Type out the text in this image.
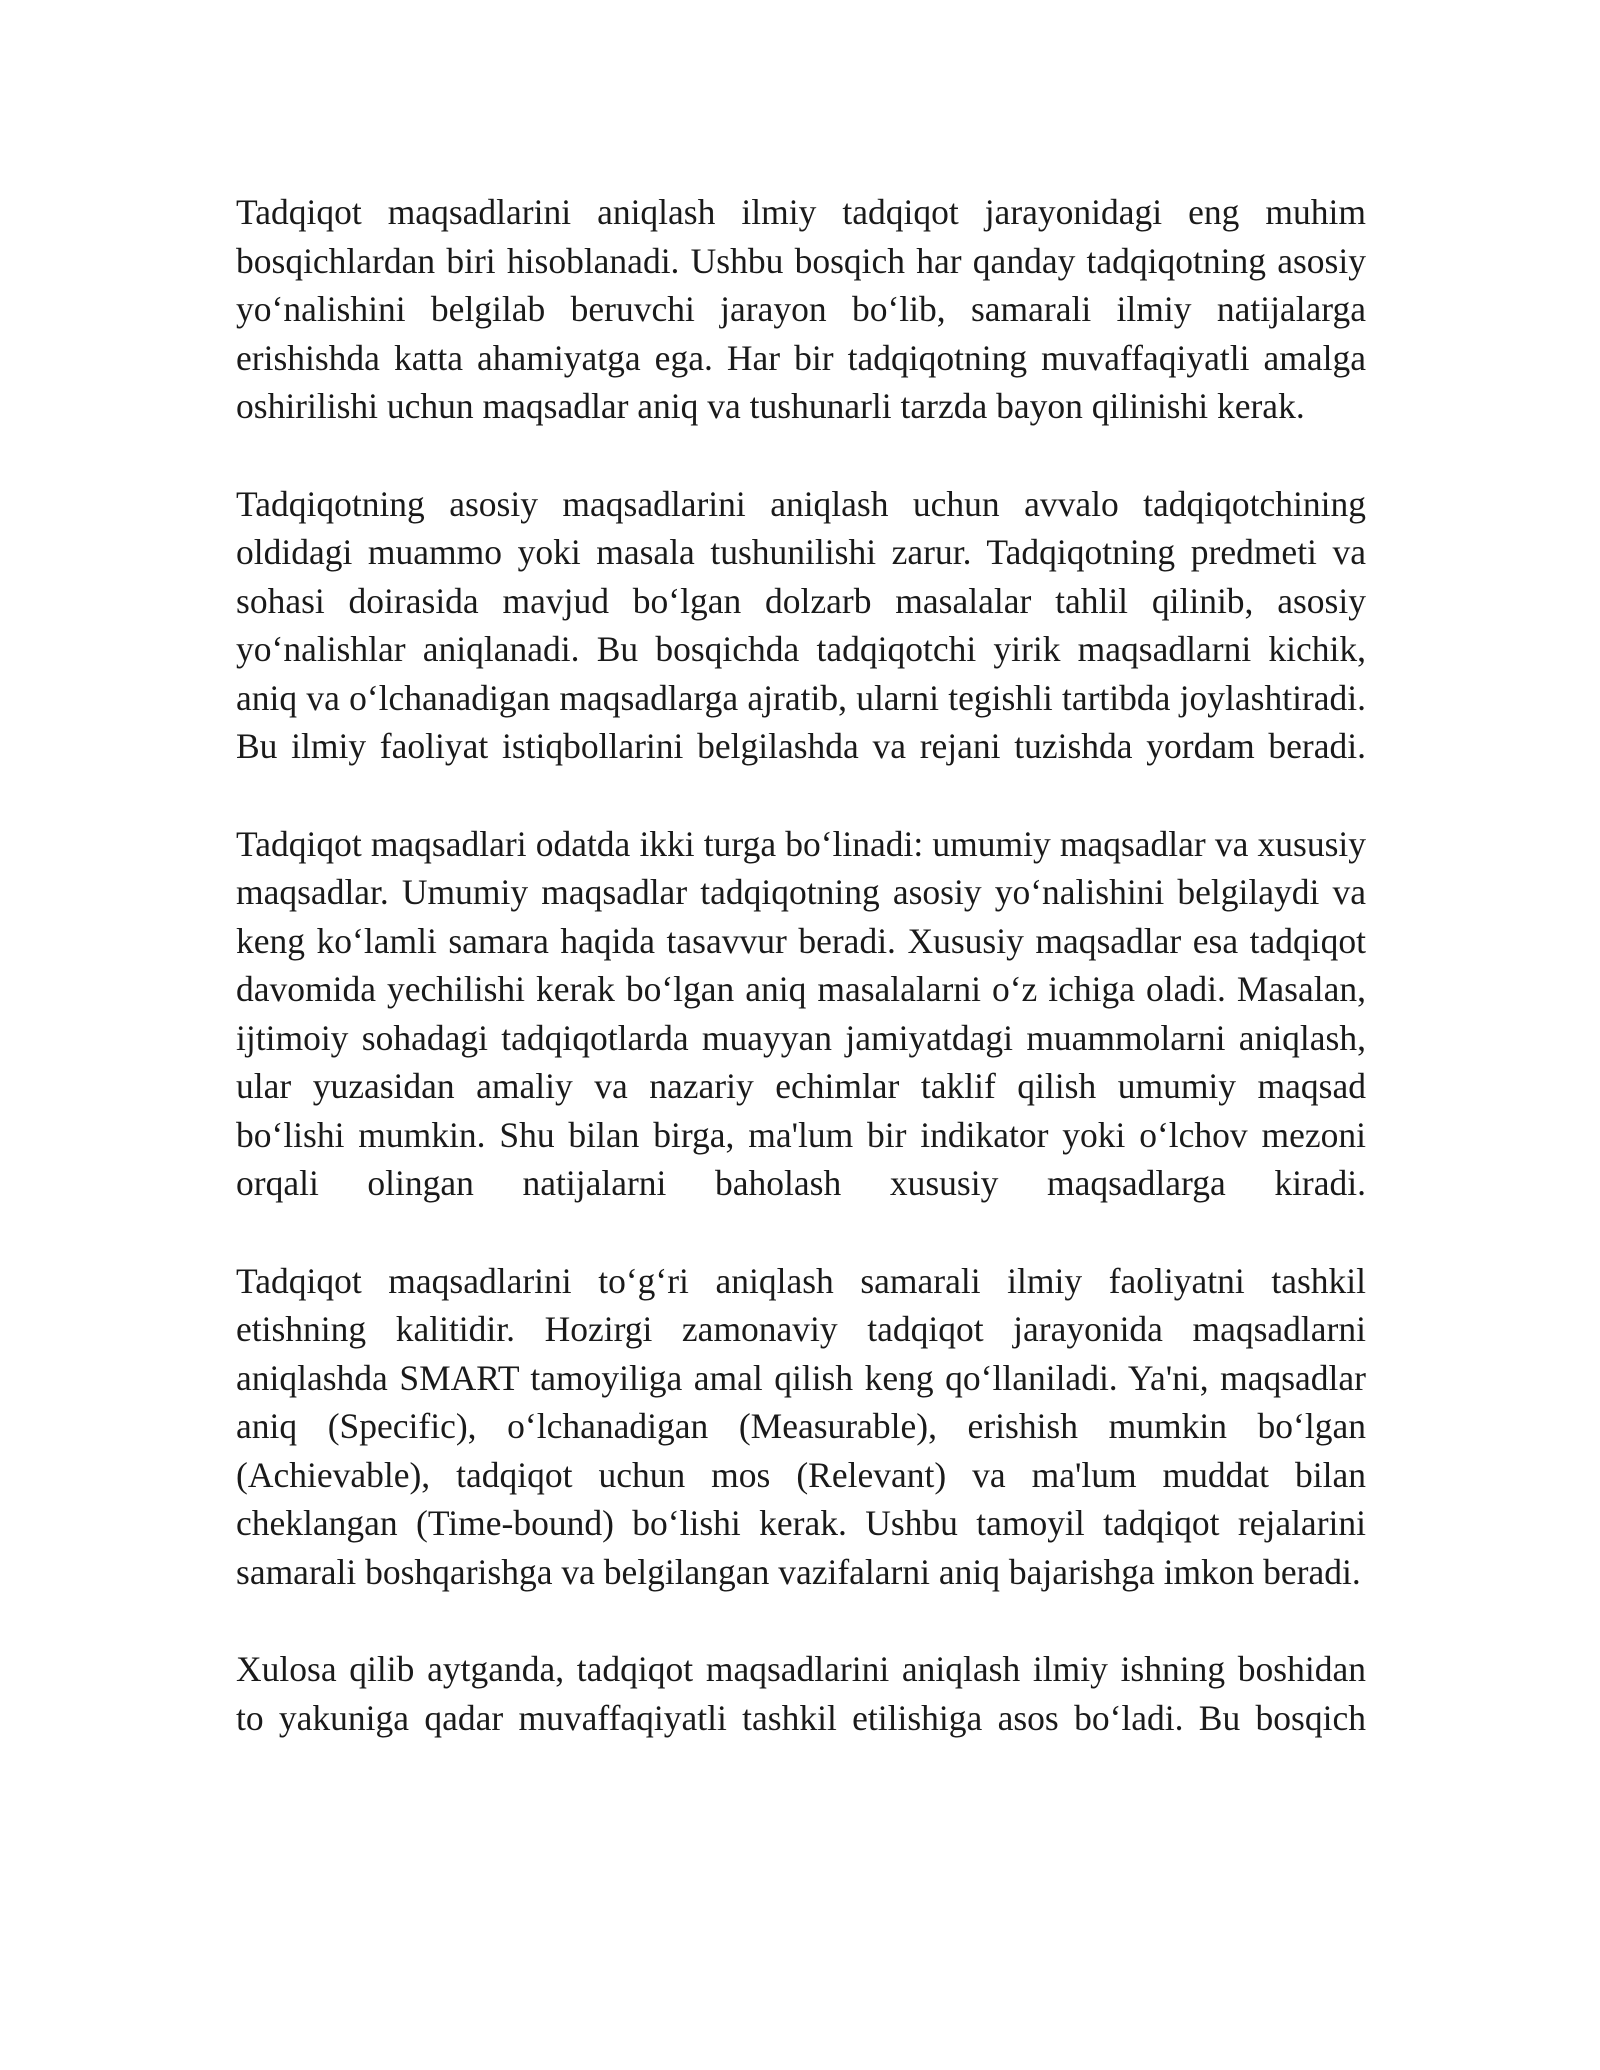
Tadqiqot maqsadlarini aniqlash ilmiy tadqiqot jarayonidagi eng muhim bosqichlardan biri hisoblanadi. Ushbu bosqich har qanday tadqiqotning asosiy yo‘nalishini belgilab beruvchi jarayon bo‘lib, samarali ilmiy natijalarga erishishda katta ahamiyatga ega. Har bir tadqiqotning muvaffaqiyatli amalga oshirilishi uchun maqsadlar aniq va tushunarli tarzda bayon qilinishi kerak.

Tadqiqotning asosiy maqsadlarini aniqlash uchun avvalo tadqiqotchining oldidagi muammo yoki masala tushunilishi zarur. Tadqiqotning predmeti va sohasi doirasida mavjud bo‘lgan dolzarb masalalar tahlil qilinib, asosiy yo‘nalishlar aniqlanadi. Bu bosqichda tadqiqotchi yirik maqsadlarni kichik, aniq va o‘lchanadigan maqsadlarga ajratib, ularni tegishli tartibda joylashtiradi. Bu ilmiy faoliyat istiqbollarini belgilashda va rejani tuzishda yordam beradi.

Tadqiqot maqsadlari odatda ikki turga bo‘linadi: umumiy maqsadlar va xususiy maqsadlar. Umumiy maqsadlar tadqiqotning asosiy yo‘nalishini belgilaydi va keng ko‘lamli samara haqida tasavvur beradi. Xususiy maqsadlar esa tadqiqot davomida yechilishi kerak bo‘lgan aniq masalalarni o‘z ichiga oladi. Masalan, ijtimoiy sohadagi tadqiqotlarda muayyan jamiyatdagi muammolarni aniqlash, ular yuzasidan amaliy va nazariy echimlar taklif qilish umumiy maqsad bo‘lishi mumkin. Shu bilan birga, ma'lum bir indikator yoki o‘lchov mezoni orqali olingan natijalarni baholash xususiy maqsadlarga kiradi.

Tadqiqot maqsadlarini to‘g‘ri aniqlash samarali ilmiy faoliyatni tashkil etishning kalitidir. Hozirgi zamonaviy tadqiqot jarayonida maqsadlarni aniqlashda SMART tamoyiliga amal qilish keng qo‘llaniladi. Ya'ni, maqsadlar aniq (Specific), o‘lchanadigan (Measurable), erishish mumkin bo‘lgan (Achievable), tadqiqot uchun mos (Relevant) va ma'lum muddat bilan cheklangan (Time-bound) bo‘lishi kerak. Ushbu tamoyil tadqiqot rejalarini samarali boshqarishga va belgilangan vazifalarni aniq bajarishga imkon beradi.

Xulosa qilib aytganda, tadqiqot maqsadlarini aniqlash ilmiy ishning boshidan to yakuniga qadar muvaffaqiyatli tashkil etilishiga asos bo‘ladi. Bu bosqich
